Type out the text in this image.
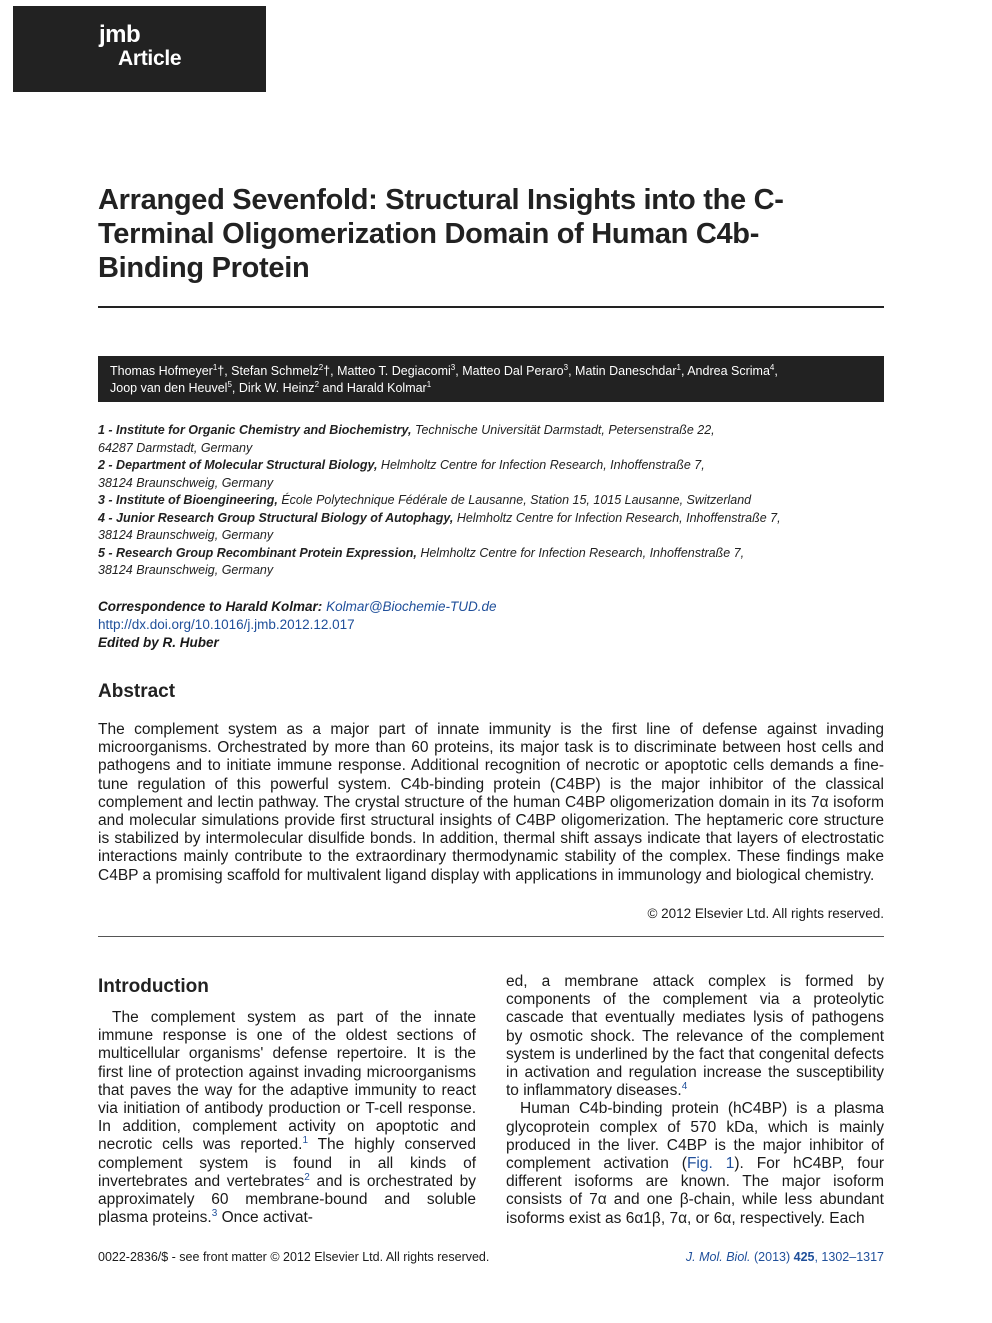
jmb
Article
Arranged Sevenfold: Structural Insights into the C-Terminal Oligomerization Domain of Human C4b-Binding Protein
Thomas Hofmeyer$^1$†, Stefan Schmelz$^2$†, Matteo T. Degiacomi$^3$, Matteo Dal Peraro$^3$, Matin Daneschdar$^1$, Andrea Scrima$^4$,
Joop van den Heuvel$^5$, Dirk W. Heinz$^2$ and Harald Kolmar$^1$
1 - Institute for Organic Chemistry and Biochemistry, Technische Universität Darmstadt, Petersenstraße 22,
64287 Darmstadt, Germany
2 - Department of Molecular Structural Biology, Helmholtz Centre for Infection Research, Inhoffenstraße 7,
38124 Braunschweig, Germany
3 - Institute of Bioengineering, École Polytechnique Fédérale de Lausanne, Station 15, 1015 Lausanne, Switzerland
4 - Junior Research Group Structural Biology of Autophagy, Helmholtz Centre for Infection Research, Inhoffenstraße 7,
38124 Braunschweig, Germany
5 - Research Group Recombinant Protein Expression, Helmholtz Centre for Infection Research, Inhoffenstraße 7,
38124 Braunschweig, Germany
Correspondence to Harald Kolmar: Kolmar@Biochemie-TUD.de
http://dx.doi.org/10.1016/j.jmb.2012.12.017
Edited by R. Huber
Abstract

The complement system as a major part of innate immunity is the first line of defense against invading microorganisms. Orchestrated by more than 60 proteins, its major task is to discriminate between host cells and pathogens and to initiate immune response. Additional recognition of necrotic or apoptotic cells demands a fine-tune regulation of this powerful system. C4b-binding protein (C4BP) is the major inhibitor of the classical complement and lectin pathway. The crystal structure of the human C4BP oligomerization domain in its 7α isoform and molecular simulations provide first structural insights of C4BP oligomerization. The heptameric core structure is stabilized by intermolecular disulfide bonds. In addition, thermal shift assays indicate that layers of electrostatic interactions mainly contribute to the extraordinary thermodynamic stability of the complex. These findings make C4BP a promising scaffold for multivalent ligand display with applications in immunology and biological chemistry.

© 2012 Elsevier Ltd. All rights reserved.
Introduction

The complement system as part of the innate immune response is one of the oldest sections of multicellular organisms' defense repertoire. It is the first line of protection against invading microorganisms that paves the way for the adaptive immunity to react via initiation of antibody production or T-cell response. In addition, complement activity on apoptotic and necrotic cells was reported.$^1$ The highly conserved complement system is found in all kinds of invertebrates and vertebrates$^2$ and is orchestrated by approximately 60 membrane-bound and soluble plasma proteins.$^3$ Once activat-

ed, a membrane attack complex is formed by components of the complement via a proteolytic cascade that eventually mediates lysis of pathogens by osmotic shock. The relevance of the complement system is underlined by the fact that congenital defects in activation and regulation increase the susceptibility to inflammatory diseases.$^4$
Human C4b-binding protein (hC4BP) is a plasma glycoprotein complex of 570 kDa, which is mainly produced in the liver. C4BP is the major inhibitor of complement activation (Fig. 1). For hC4BP, four different isoforms are known. The major isoform consists of 7α and one β-chain, while less abundant isoforms exist as 6α1β, 7α, or 6α, respectively. Each

0022-2836/$ - see front matter © 2012 Elsevier Ltd. All rights reserved.	J. Mol. Biol. (2013) 425, 1302–1317
